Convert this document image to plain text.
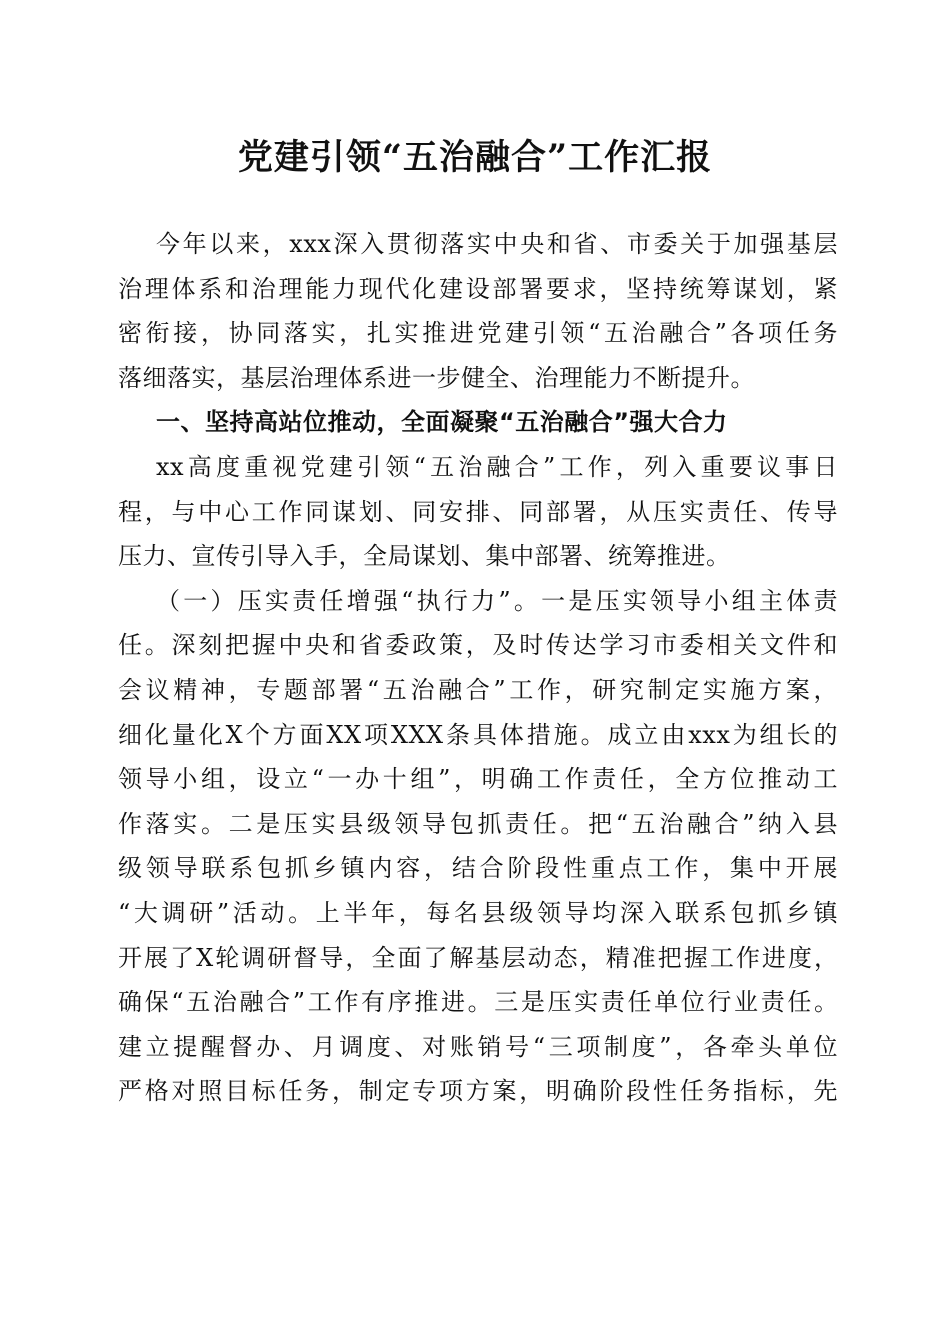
党建引领“五治融合”工作汇报
今年以来，xxx深入贯彻落实中央和省、市委关于加强基层
治理体系和治理能力现代化建设部署要求，坚持统筹谋划，紧
密衔接，协同落实，扎实推进党建引领“五治融合”各项任务
落细落实，基层治理体系进一步健全、治理能力不断提升。
一、坚持高站位推动，全面凝聚“五治融合”强大合力
xx高度重视党建引领“五治融合”工作，列入重要议事日
程，与中心工作同谋划、同安排、同部署，从压实责任、传导
压力、宣传引导入手，全局谋划、集中部署、统筹推进。
（一）压实责任增强“执行力”。一是压实领导小组主体责
任。深刻把握中央和省委政策，及时传达学习市委相关文件和
会议精神，专题部署“五治融合”工作，研究制定实施方案，
细化量化X个方面XX项XXX条具体措施。成立由xxx为组长的
领导小组，设立“一办十组”，明确工作责任，全方位推动工
作落实。二是压实县级领导包抓责任。把“五治融合”纳入县
级领导联系包抓乡镇内容，结合阶段性重点工作，集中开展
“大调研”活动。上半年，每名县级领导均深入联系包抓乡镇
开展了X轮调研督导，全面了解基层动态，精准把握工作进度，
确保“五治融合”工作有序推进。三是压实责任单位行业责任。
建立提醒督办、月调度、对账销号“三项制度”，各牵头单位
严格对照目标任务，制定专项方案，明确阶段性任务指标，先
